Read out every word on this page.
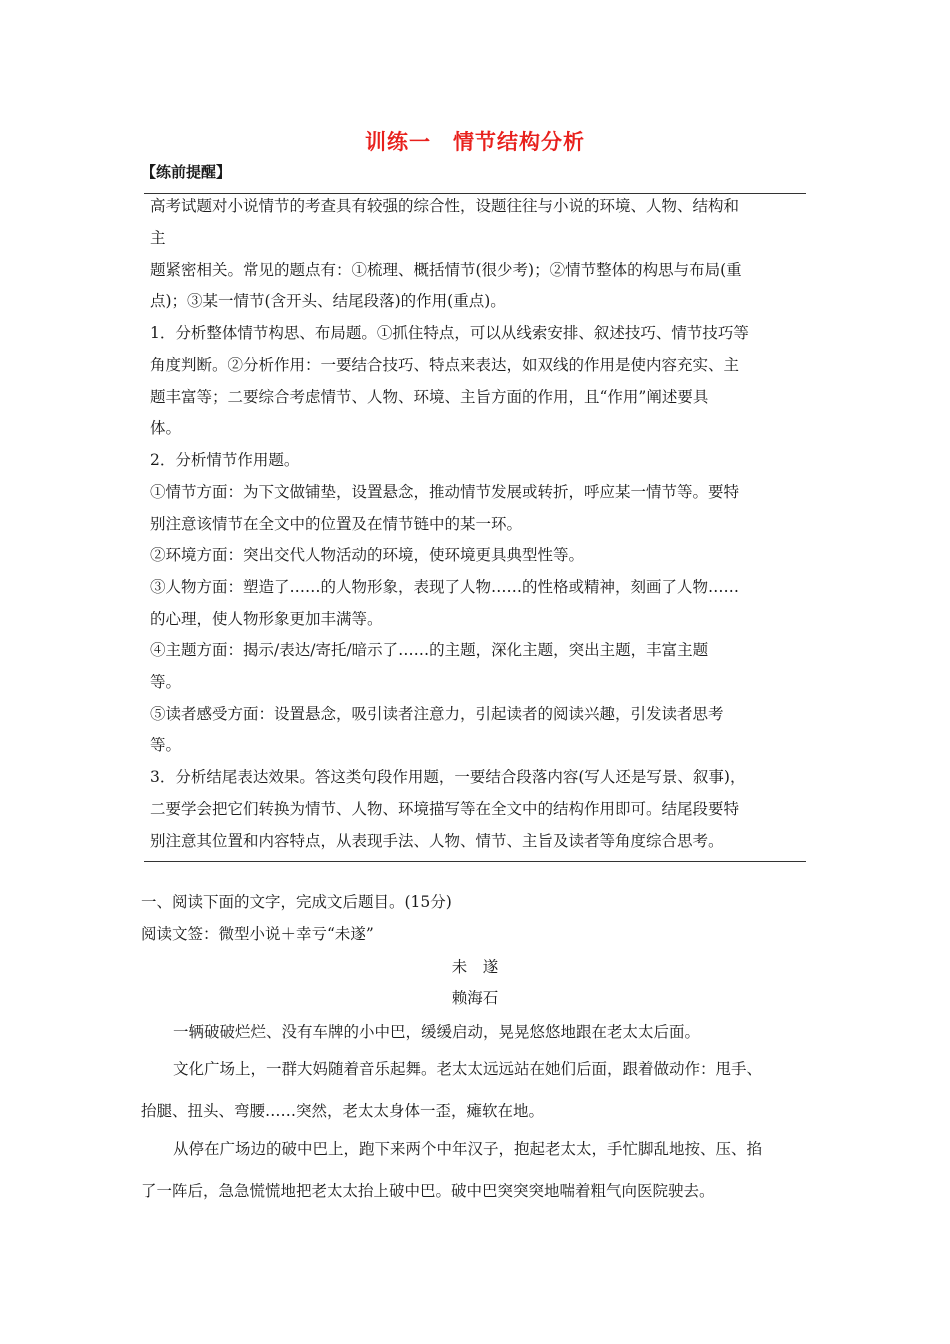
训练一　情节结构分析
【练前提醒】
高考试题对小说情节的考查具有较强的综合性，设题往往与小说的环境、人物、结构和
主
题紧密相关。常见的题点有：①梳理、概括情节(很少考)；②情节整体的构思与布局(重
点)；③某一情节(含开头、结尾段落)的作用(重点)。
1．分析整体情节构思、布局题。①抓住特点，可以从线索安排、叙述技巧、情节技巧等
角度判断。②分析作用：一要结合技巧、特点来表达，如双线的作用是使内容充实、主
题丰富等；二要综合考虑情节、人物、环境、主旨方面的作用，且“作用”阐述要具
体。
2．分析情节作用题。
①情节方面：为下文做铺垫，设置悬念，推动情节发展或转折，呼应某一情节等。要特
别注意该情节在全文中的位置及在情节链中的某一环。
②环境方面：突出交代人物活动的环境，使环境更具典型性等。
③人物方面：塑造了……的人物形象，表现了人物……的性格或精神，刻画了人物……
的心理，使人物形象更加丰满等。
④主题方面：揭示/表达/寄托/暗示了……的主题，深化主题，突出主题，丰富主题
等。
⑤读者感受方面：设置悬念，吸引读者注意力，引起读者的阅读兴趣，引发读者思考
等。
3．分析结尾表达效果。答这类句段作用题，一要结合段落内容(写人还是写景、叙事)，
二要学会把它们转换为情节、人物、环境描写等在全文中的结构作用即可。结尾段要特
别注意其位置和内容特点，从表现手法、人物、情节、主旨及读者等角度综合思考。
一、阅读下面的文字，完成文后题目。(15分)
阅读文签：微型小说＋幸亏“未遂”
未　遂
赖海石
一辆破破烂烂、没有车牌的小中巴，缓缓启动，晃晃悠悠地跟在老太太后面。
文化广场上，一群大妈随着音乐起舞。老太太远远站在她们后面，跟着做动作：甩手、
抬腿、扭头、弯腰……突然，老太太身体一歪，瘫软在地。
从停在广场边的破中巴上，跑下来两个中年汉子，抱起老太太，手忙脚乱地按、压、掐
了一阵后，急急慌慌地把老太太抬上破中巴。破中巴突突突地喘着粗气向医院驶去。
